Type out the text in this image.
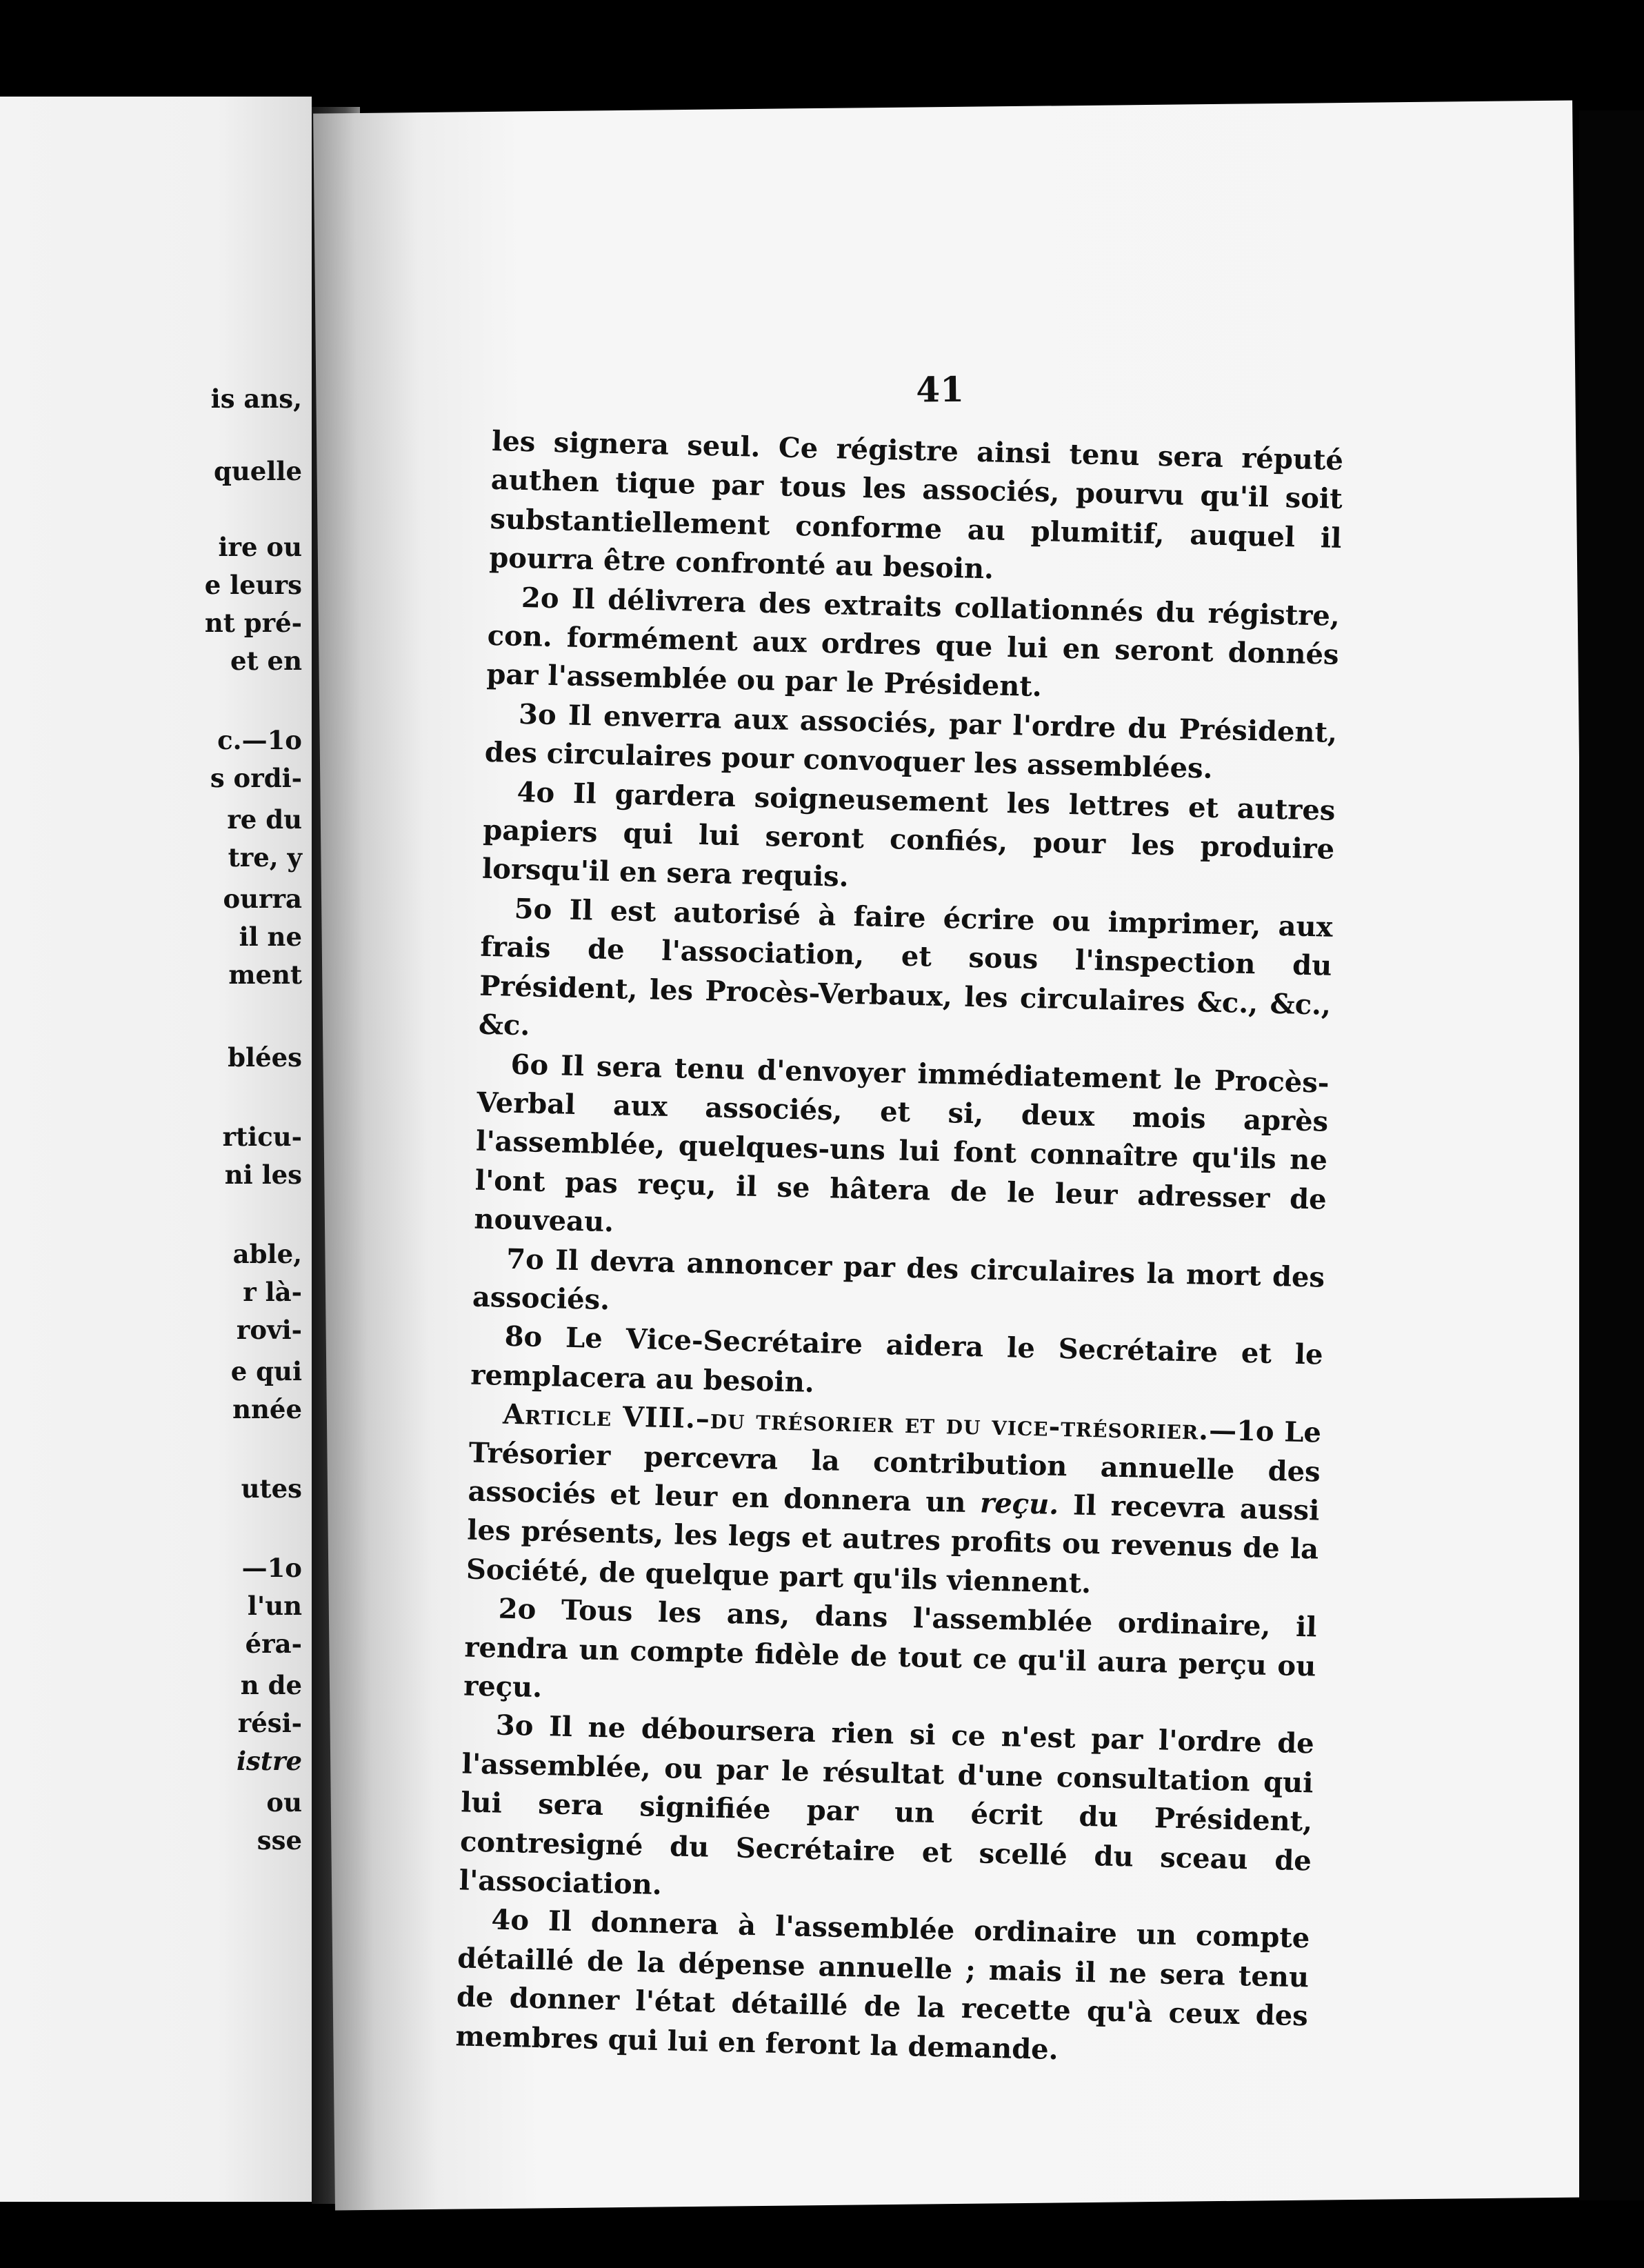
is ans,
quelle
ire ou
e leurs
nt pré-
et en
c.—1o
s ordi-
re du
tre, y
ourra
il ne
ment
blées
rticu-
ni les
able,
r là-
rovi-
e qui
nnée
utes
—1o
l'un
éra-
n de
rési-
istre
ou
sse
41

les signera seul. Ce régistre ainsi tenu sera réputé authen tique par tous les associés, pourvu qu'il soit substantiellement conforme au plumitif, auquel il pourra être confronté au besoin.

2o Il délivrera des extraits collationnés du régistre, con. formément aux ordres que lui en seront donnés par l'assemblée ou par le Président.

3o Il enverra aux associés, par l'ordre du Président, des circulaires pour convoquer les assemblées.

4o Il gardera soigneusement les lettres et autres papiers qui lui seront confiés, pour les produire lorsqu'il en sera requis.

5o Il est autorisé à faire écrire ou imprimer, aux frais de l'association, et sous l'inspection du Président, les Procès-Verbaux, les circulaires &c., &c., &c.

6o Il sera tenu d'envoyer immédiatement le Procès-Verbal aux associés, et si, deux mois après l'assemblée, quelques-uns lui font connaître qu'ils ne l'ont pas reçu, il se hâtera de le leur adresser de nouveau.

7o Il devra annoncer par des circulaires la mort des associés.

8o Le Vice-Secrétaire aidera le Secrétaire et le remplacera au besoin.

Article VIII.–du trésorier et du vice-trésorier.—1o Le Trésorier percevra la contribution annuelle des associés et leur en donnera un reçu. Il recevra aussi les présents, les legs et autres profits ou revenus de la Société, de quelque part qu'ils viennent.

2o Tous les ans, dans l'assemblée ordinaire, il rendra un compte fidèle de tout ce qu'il aura perçu ou reçu.

3o Il ne déboursera rien si ce n'est par l'ordre de l'assemblée, ou par le résultat d'une consultation qui lui sera signifiée par un écrit du Président, contresigné du Secrétaire et scellé du sceau de l'association.

4o Il donnera à l'assemblée ordinaire un compte détaillé de la dépense annuelle ; mais il ne sera tenu de donner l'état détaillé de la recette qu'à ceux des membres qui lui en feront la demande.
